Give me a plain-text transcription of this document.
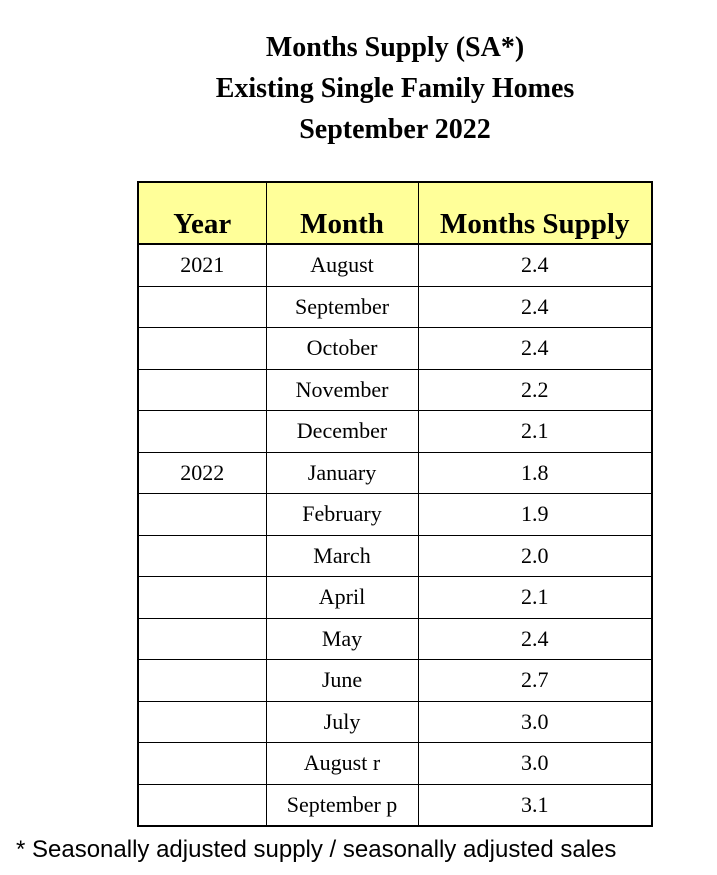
Months Supply (SA*)
Existing Single Family Homes
September 2022
Year	Month	Months Supply
2021	August	2.4
	September	2.4
	October	2.4
	November	2.2
	December	2.1
2022	January	1.8
	February	1.9
	March	2.0
	April	2.1
	May	2.4
	June	2.7
	July	3.0
	August r	3.0
	September p	3.1
* Seasonally adjusted supply / seasonally adjusted sales
